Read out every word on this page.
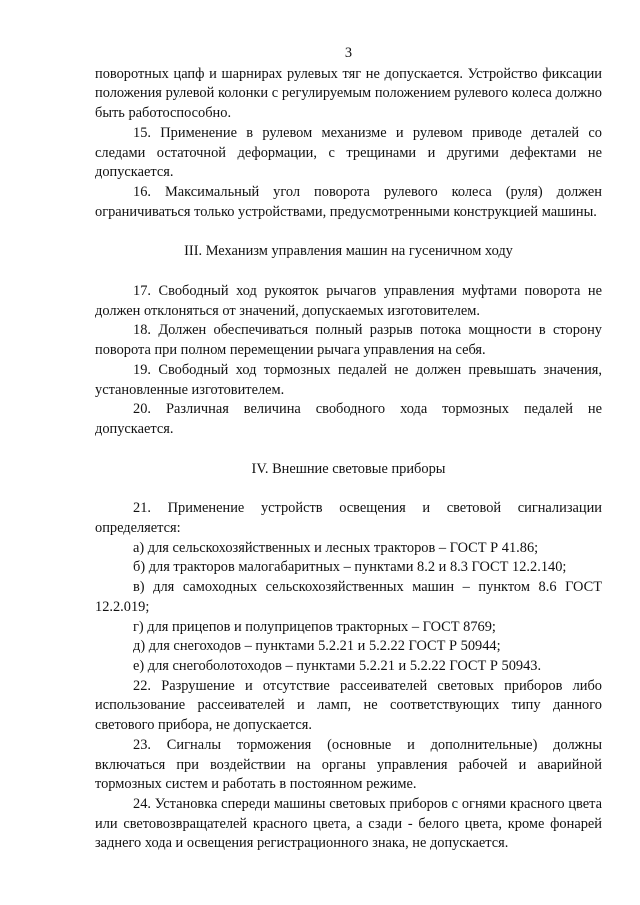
3

поворотных цапф и шарнирах рулевых тяг не допускается. Устройство фиксации положения рулевой колонки с регулируемым положением рулевого колеса должно быть работоспособно.

15. Применение в рулевом механизме и рулевом приводе деталей со следами остаточной деформации, с трещинами и другими дефектами не допускается.

16. Максимальный угол поворота рулевого колеса (руля) должен ограничиваться только устройствами, предусмотренными конструкцией машины.

III. Механизм управления машин на гусеничном ходу

17. Свободный ход рукояток рычагов управления муфтами поворота не должен отклоняться от значений, допускаемых изготовителем.

18. Должен обеспечиваться полный разрыв потока мощности в сторону поворота при полном перемещении рычага управления на себя.

19. Свободный ход тормозных педалей не должен превышать значения, установленные изготовителем.

20. Различная величина свободного хода тормозных педалей не допускается.

IV. Внешние световые приборы

21. Применение устройств освещения и световой сигнализации определяется:

а) для сельскохозяйственных и лесных тракторов – ГОСТ Р 41.86;

б) для тракторов малогабаритных – пунктами 8.2 и 8.3 ГОСТ 12.2.140;

в) для самоходных сельскохозяйственных машин – пунктом 8.6 ГОСТ 12.2.019;

г) для прицепов и полуприцепов тракторных – ГОСТ 8769;

д) для снегоходов – пунктами 5.2.21 и 5.2.22 ГОСТ Р 50944;

е) для снегоболотоходов – пунктами 5.2.21 и 5.2.22 ГОСТ Р 50943.

22. Разрушение и отсутствие рассеивателей световых приборов либо использование рассеивателей и ламп, не соответствующих типу данного светового прибора, не допускается.

23. Сигналы торможения (основные и дополнительные) должны включаться при воздействии на органы управления рабочей и аварийной тормозных систем и работать в постоянном режиме.

24. Установка спереди машины световых приборов с огнями красного цвета или световозвращателей красного цвета, а сзади - белого цвета, кроме фонарей заднего хода и освещения регистрационного знака, не допускается.
